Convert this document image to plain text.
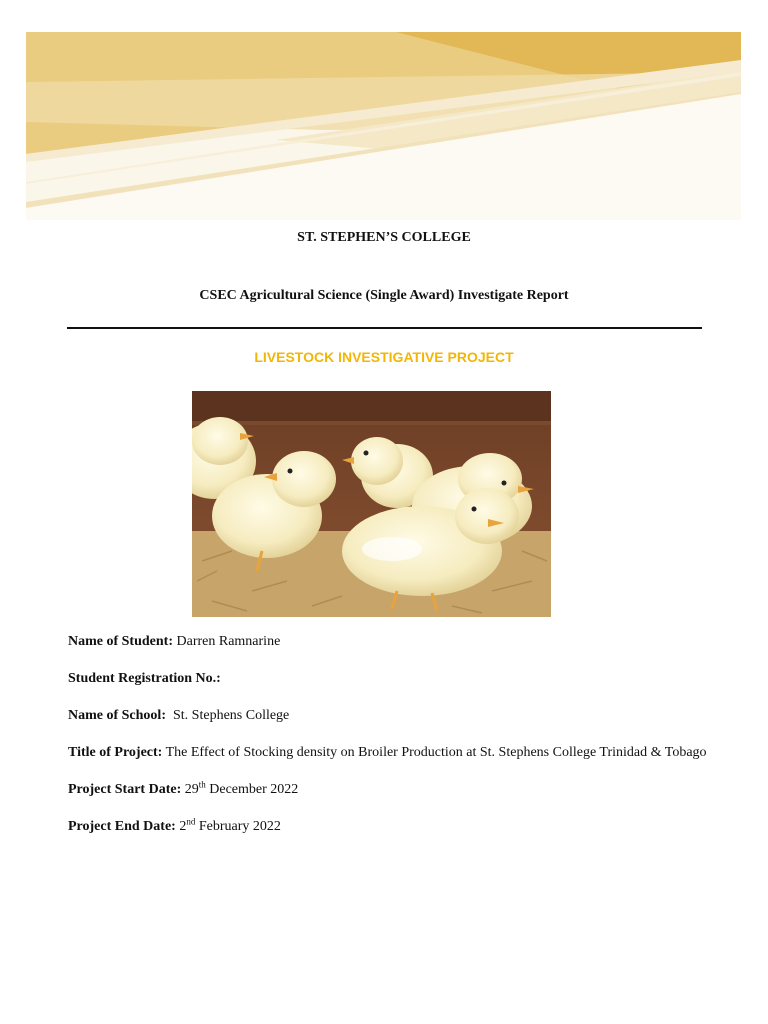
ST. STEPHEN’S COLLEGE
CSEC Agricultural Science (Single Award) Investigate Report
LIVESTOCK INVESTIGATIVE PROJECT
Name of Student: Darren Ramnarine
Student Registration No.:
Name of School: St. Stephens College
Title of Project: The Effect of Stocking density on Broiler Production at St. Stephens College Trinidad & Tobago
Project Start Date: 29th December 2022
Project End Date: 2nd February 2022
